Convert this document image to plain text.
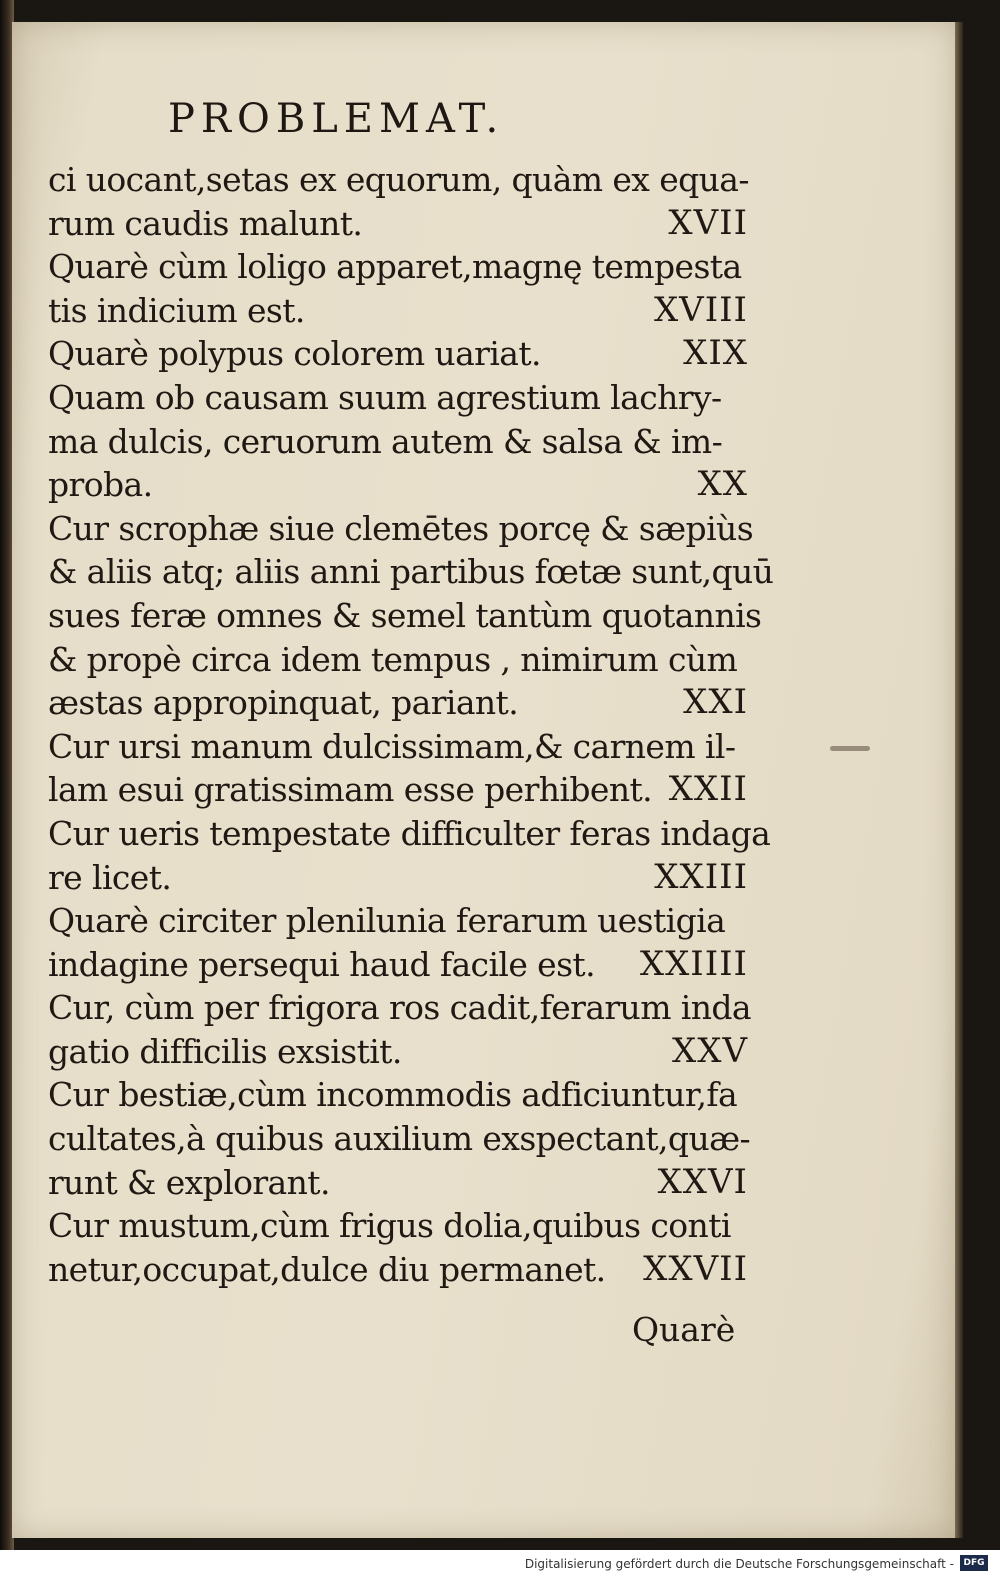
PROBLEMAT.
ci uocant,setas ex equorum, quàm ex equa-
rum caudis malunt.	XVII
Quarè cùm loligo apparet,magnę tempesta
tis indicium est.	XVIII
Quarè polypus colorem uariat.	XIX
Quam ob causam suum agrestium lachry-
ma dulcis, ceruorum autem & salsa & im-
proba.	XX
Cur scrophæ siue clemētes porcę & sæpiùs
& aliis atq; aliis anni partibus fœtæ sunt,quū
sues feræ omnes & semel tantùm quotannis
& propè circa idem tempus , nimirum cùm
æstas appropinquat, pariant.	XXI
Cur ursi manum dulcissimam,& carnem il-
lam esui gratissimam esse perhibent. XXII
Cur ueris tempestate difficulter feras indaga
re licet.	XXIII
Quarè circiter plenilunia ferarum uestigia
indagine persequi haud facile est. XXIIII
Cur, cùm per frigora ros cadit,ferarum inda
gatio difficilis exsistit.	XXV
Cur bestiæ,cùm incommodis adficiuntur,fa
cultates,à quibus auxilium exspectant,quæ-
runt & explorant.	XXVI
Cur mustum,cùm frigus dolia,quibus conti
netur,occupat,dulce diu permanet. XXVII
Quarè
Digitalisierung gefördert durch die Deutsche Forschungsgemeinschaft -	DFG
